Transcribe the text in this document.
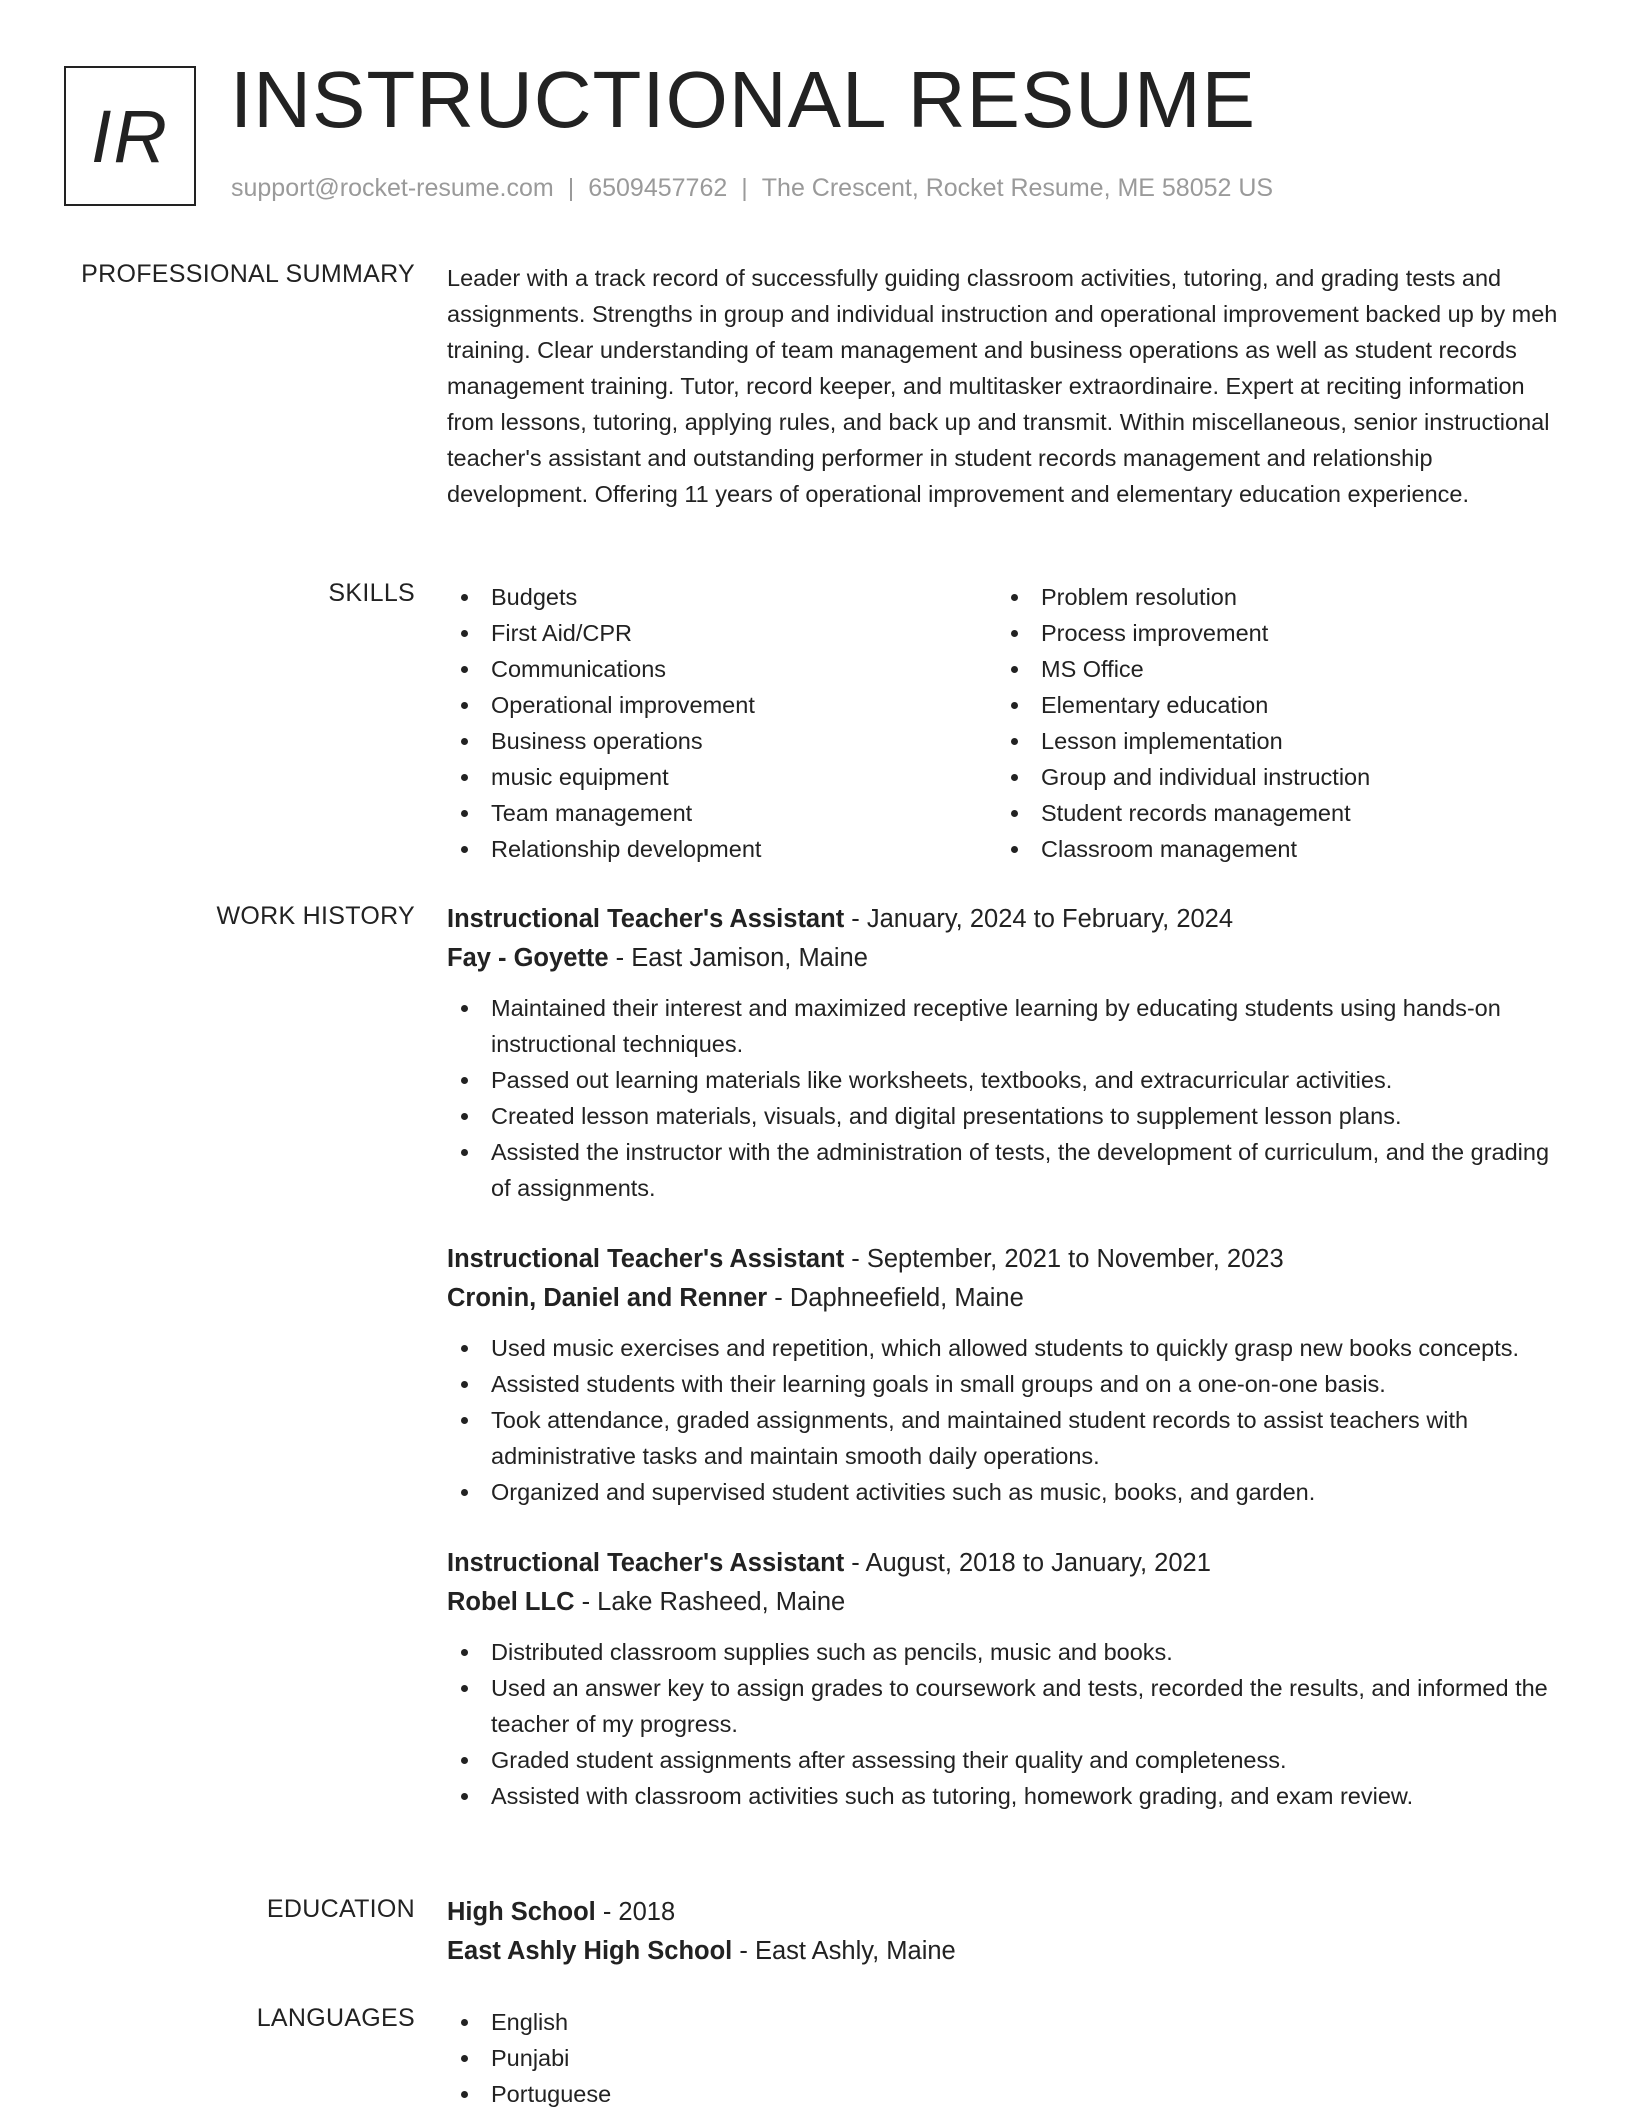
IR INSTRUCTIONAL RESUME
support@rocket-resume.com | 6509457762 | The Crescent, Rocket Resume, ME 58052 US
PROFESSIONAL SUMMARY Leader with a track record of successfully guiding classroom activities, tutoring, and grading tests and assignments. Strengths in group and individual instruction and operational improvement backed up by meh training. Clear understanding of team management and business operations as well as student records management training. Tutor, record keeper, and multitasker extraordinaire. Expert at reciting information from lessons, tutoring, applying rules, and back up and transmit. Within miscellaneous, senior instructional teacher's assistant and outstanding performer in student records management and relationship development. Offering 11 years of operational improvement and elementary education experience.

SKILLS	Budgets
First Aid/CPR
Communications
Operational improvement
Business operations
music equipment
Team management
Relationship development
Problem resolution
Process improvement
MS Office
Elementary education
Lesson implementation
Group and individual instruction
Student records management
Classroom management
WORK HISTORY Instructional Teacher's Assistant - January, 2024 to February, 2024
Fay - Goyette - East Jamison, Maine
Maintained their interest and maximized receptive learning by educating students using hands-on instructional techniques.
Passed out learning materials like worksheets, textbooks, and extracurricular activities.
Created lesson materials, visuals, and digital presentations to supplement lesson plans.
Assisted the instructor with the administration of tests, the development of curriculum, and the grading of assignments.
Instructional Teacher's Assistant - September, 2021 to November, 2023
Cronin, Daniel and Renner - Daphneefield, Maine
Used music exercises and repetition, which allowed students to quickly grasp new books concepts.
Assisted students with their learning goals in small groups and on a one-on-one basis.
Took attendance, graded assignments, and maintained student records to assist teachers with administrative tasks and maintain smooth daily operations.
Organized and supervised student activities such as music, books, and garden.
Instructional Teacher's Assistant - August, 2018 to January, 2021
Robel LLC - Lake Rasheed, Maine
Distributed classroom supplies such as pencils, music and books.
Used an answer key to assign grades to coursework and tests, recorded the results, and informed the teacher of my progress.
Graded student assignments after assessing their quality and completeness.
Assisted with classroom activities such as tutoring, homework grading, and exam review.
EDUCATION High School - 2018
East Ashly High School - East Ashly, Maine
LANGUAGES	English
Punjabi
Portuguese
